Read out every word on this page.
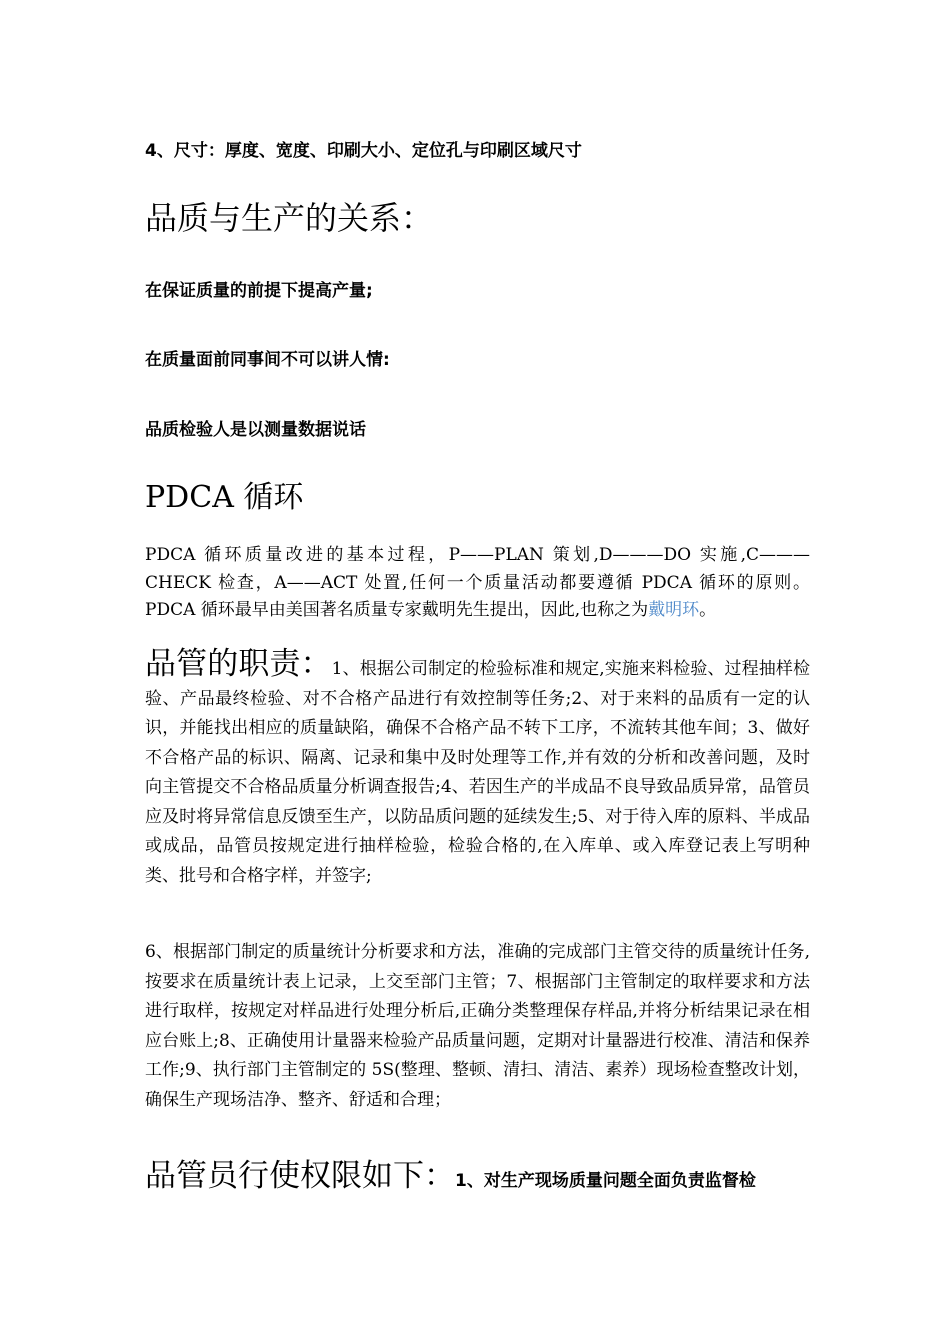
4、尺寸：厚度、宽度、印刷大小、定位孔与印刷区域尺寸
品质与生产的关系：
在保证质量的前提下提高产量;
在质量面前同事间不可以讲人情:
品质检验人是以测量数据说话
PDCA 循环
PDCA 循环质量改进的基本过程，P——PLAN 策划,D———DO 实施,C———CHECK 检查，A——ACT 处置,任何一个质量活动都要遵循 PDCA 循环的原则。PDCA 循环最早由美国著名质量专家戴明先生提出，因此,也称之为戴明环。
品管的职责：1、根据公司制定的检验标准和规定,实施来料检验、过程抽样检验、产品最终检验、对不合格产品进行有效控制等任务;2、对于来料的品质有一定的认识，并能找出相应的质量缺陷，确保不合格产品不转下工序，不流转其他车间；3、做好不合格产品的标识、隔离、记录和集中及时处理等工作,并有效的分析和改善问题，及时向主管提交不合格品质量分析调查报告;4、若因生产的半成品不良导致品质异常，品管员应及时将异常信息反馈至生产，以防品质问题的延续发生;5、对于待入库的原料、半成品或成品，品管员按规定进行抽样检验，检验合格的,在入库单、或入库登记表上写明种类、批号和合格字样，并签字;
6、根据部门制定的质量统计分析要求和方法，准确的完成部门主管交待的质量统计任务,按要求在质量统计表上记录，上交至部门主管；7、根据部门主管制定的取样要求和方法进行取样，按规定对样品进行处理分析后,正确分类整理保存样品,并将分析结果记录在相应台账上;8、正确使用计量器来检验产品质量问题，定期对计量器进行校准、清洁和保养工作;9、执行部门主管制定的 5S(整理、整顿、清扫、清洁、素养）现场检查整改计划，确保生产现场洁净、整齐、舒适和合理；
品管员行使权限如下：1、对生产现场质量问题全面负责监督检
